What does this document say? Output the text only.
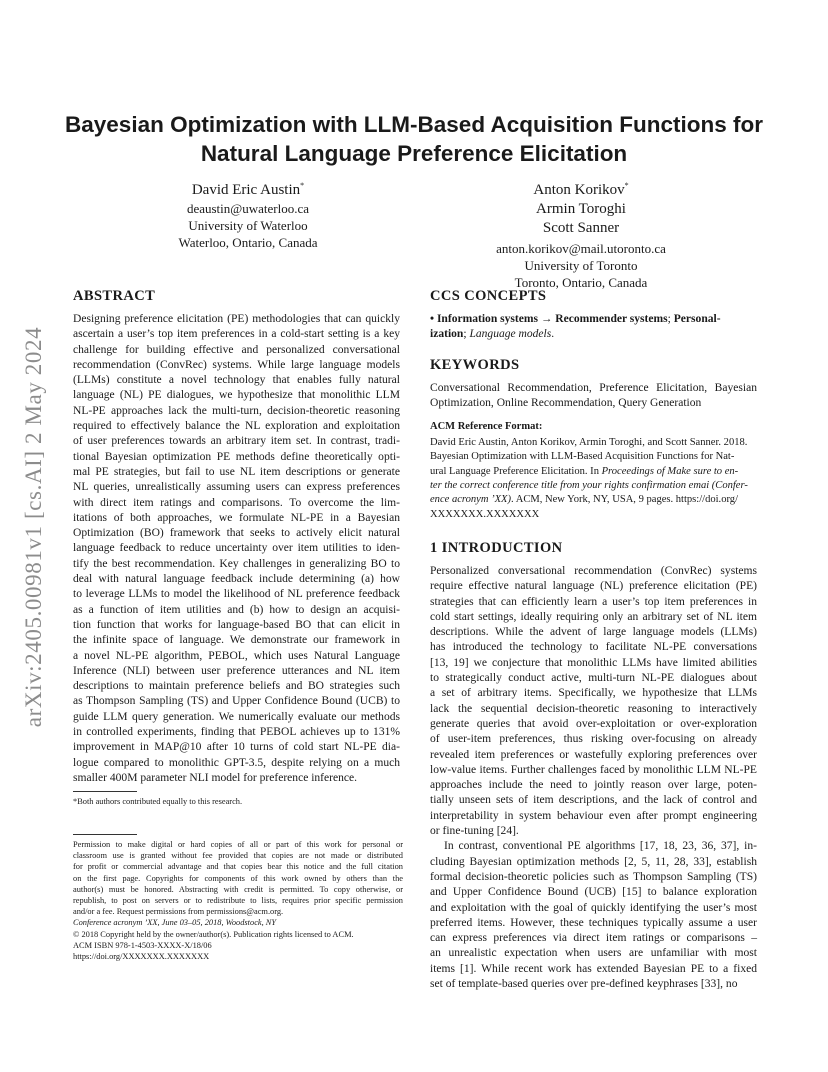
arXiv:2405.00981v1 [cs.AI] 2 May 2024
Bayesian Optimization with LLM-Based Acquisition Functions for
Natural Language Preference Elicitation
David Eric Austin*
deaustin@uwaterloo.ca
University of Waterloo
Waterloo, Ontario, Canada
Anton Korikov*
Armin Toroghi
Scott Sanner
anton.korikov@mail.utoronto.ca
University of Toronto
Toronto, Ontario, Canada
ABSTRACT
Designing preference elicitation (PE) methodologies that can quickly
ascertain a user’s top item preferences in a cold-start setting is a key
challenge for building effective and personalized conversational
recommendation (ConvRec) systems. While large language models
(LLMs) constitute a novel technology that enables fully natural
language (NL) PE dialogues, we hypothesize that monolithic LLM
NL-PE approaches lack the multi-turn, decision-theoretic reasoning
required to effectively balance the NL exploration and exploitation
of user preferences towards an arbitrary item set. In contrast, tradi-
tional Bayesian optimization PE methods define theoretically opti-
mal PE strategies, but fail to use NL item descriptions or generate
NL queries, unrealistically assuming users can express preferences
with direct item ratings and comparisons. To overcome the lim-
itations of both approaches, we formulate NL-PE in a Bayesian
Optimization (BO) framework that seeks to actively elicit natural
language feedback to reduce uncertainty over item utilities to iden-
tify the best recommendation. Key challenges in generalizing BO to
deal with natural language feedback include determining (a) how
to leverage LLMs to model the likelihood of NL preference feedback
as a function of item utilities and (b) how to design an acquisi-
tion function that works for language-based BO that can elicit in
the infinite space of language. We demonstrate our framework in
a novel NL-PE algorithm, PEBOL, which uses Natural Language
Inference (NLI) between user preference utterances and NL item
descriptions to maintain preference beliefs and BO strategies such
as Thompson Sampling (TS) and Upper Confidence Bound (UCB) to
guide LLM query generation. We numerically evaluate our methods
in controlled experiments, finding that PEBOL achieves up to 131%
improvement in MAP@10 after 10 turns of cold start NL-PE dia-
logue compared to monolithic GPT-3.5, despite relying on a much
smaller 400M parameter NLI model for preference inference.

*Both authors contributed equally to this research.

Permission to make digital or hard copies of all or part of this work for personal or
classroom use is granted without fee provided that copies are not made or distributed
for profit or commercial advantage and that copies bear this notice and the full citation
on the first page. Copyrights for components of this work owned by others than the
author(s) must be honored. Abstracting with credit is permitted. To copy otherwise, or
republish, to post on servers or to redistribute to lists, requires prior specific permission
and/or a fee. Request permissions from permissions@acm.org.

Conference acronym ’XX, June 03–05, 2018, Woodstock, NY

© 2018 Copyright held by the owner/author(s). Publication rights licensed to ACM.

ACM ISBN 978-1-4503-XXXX-X/18/06

https://doi.org/XXXXXXX.XXXXXXX

CCS CONCEPTS

• Information systems → Recommender systems; Personal-
ization; Language models.

KEYWORDS
Conversational Recommendation, Preference Elicitation, Bayesian
Optimization, Online Recommendation, Query Generation
ACM Reference Format:
David Eric Austin, Anton Korikov, Armin Toroghi, and Scott Sanner. 2018.
Bayesian Optimization with LLM-Based Acquisition Functions for Nat-
ural Language Preference Elicitation. In Proceedings of Make sure to en-
ter the correct conference title from your rights confirmation emai (Confer-
ence acronym ’XX). ACM, New York, NY, USA, 9 pages. https://doi.org/
XXXXXXX.XXXXXXX
1 INTRODUCTION
Personalized conversational recommendation (ConvRec) systems
require effective natural language (NL) preference elicitation (PE)
strategies that can efficiently learn a user’s top item preferences in
cold start settings, ideally requiring only an arbitrary set of NL item
descriptions. While the advent of large language models (LLMs)
has introduced the technology to facilitate NL-PE conversations
[13, 19] we conjecture that monolithic LLMs have limited abilities
to strategically conduct active, multi-turn NL-PE dialogues about
a set of arbitrary items. Specifically, we hypothesize that LLMs
lack the sequential decision-theoretic reasoning to interactively
generate queries that avoid over-exploitation or over-exploration
of user-item preferences, thus risking over-focusing on already
revealed item preferences or wastefully exploring preferences over
low-value items. Further challenges faced by monolithic LLM NL-PE
approaches include the need to jointly reason over large, poten-
tially unseen sets of item descriptions, and the lack of control and
interpretability in system behaviour even after prompt engineering
or fine-tuning [24].
In contrast, conventional PE algorithms [17, 18, 23, 36, 37], in-
cluding Bayesian optimization methods [2, 5, 11, 28, 33], establish
formal decision-theoretic policies such as Thompson Sampling (TS)
and Upper Confidence Bound (UCB) [15] to balance exploration
and exploitation with the goal of quickly identifying the user’s most
preferred items. However, these techniques typically assume a user
can express preferences via direct item ratings or comparisons –
an unrealistic expectation when users are unfamiliar with most
items [1]. While recent work has extended Bayesian PE to a fixed
set of template-based queries over pre-defined keyphrases [33], no
